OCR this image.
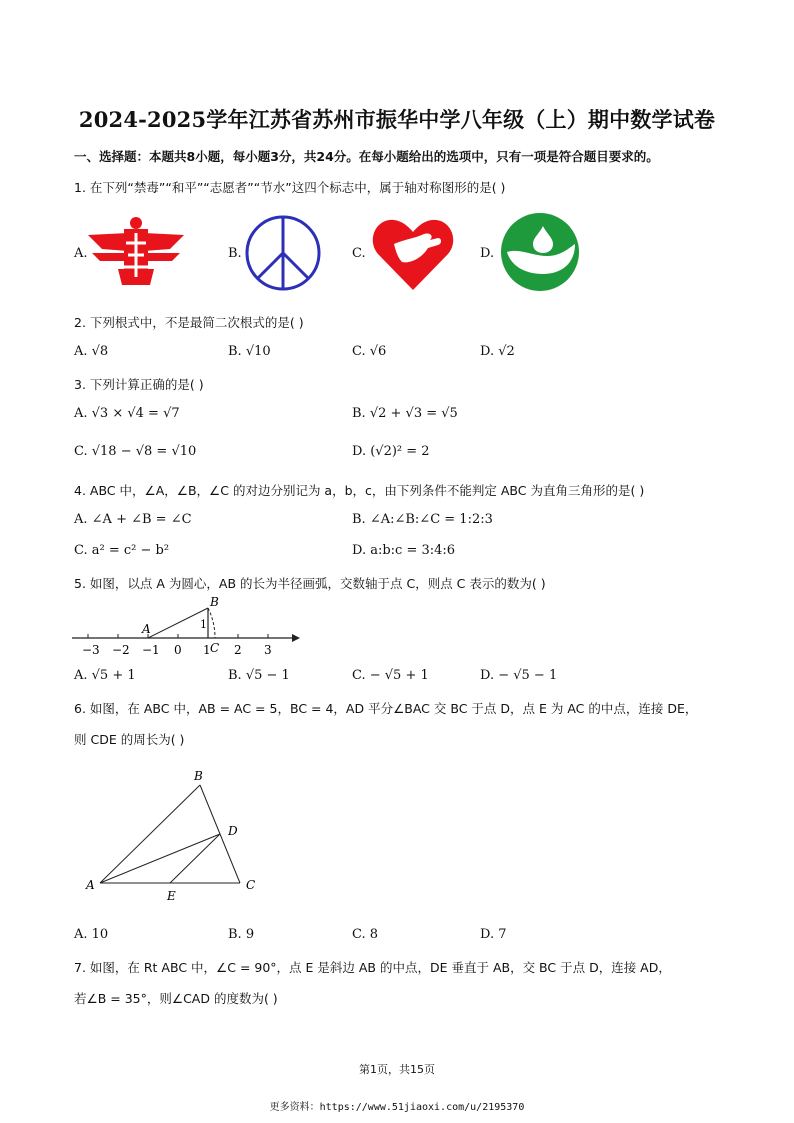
2024-2025学年江苏省苏州市振华中学八年级（上）期中数学试卷
一、选择题：本题共8小题，每小题3分，共24分。在每小题给出的选项中，只有一项是符合题目要求的。
1. 在下列“禁毒”“和平”“志愿者”“节水”这四个标志中，属于轴对称图形的是( )
A.	B.	C.	D.
2. 下列根式中，不是最简二次根式的是( )
A. √8	B. √10	C. √6	D. √2
3. 下列计算正确的是( )
A. √3 × √4 = √7	B. √2 + √3 = √5
C. √18 − √8 = √10	D. (√2)² = 2
4. ABC 中，∠A，∠B，∠C 的对边分别记为 a，b，c，由下列条件不能判定 ABC 为直角三角形的是( )
A. ∠A + ∠B = ∠C	B. ∠A:∠B:∠C = 1:2:3
C. a² = c² − b²	D. a:b:c = 3:4:6
5. 如图，以点 A 为圆心，AB 的长为半径画弧，交数轴于点 C，则点 C 表示的数为( )
−3 −2 −1 0 1 2 3
A
B
C
1
A. √5 + 1	B. √5 − 1	C. − √5 + 1	D. − √5 − 1
6. 如图，在 ABC 中，AB = AC = 5，BC = 4，AD 平分∠BAC 交 BC 于点 D，点 E 为 AC 的中点，连接 DE，
则 CDE 的周长为( )
A
B
C
D
E
A. 10	B. 9	C. 8	D. 7
7. 如图，在 Rt ABC 中，∠C = 90°，点 E 是斜边 AB 的中点，DE 垂直于 AB，交 BC 于点 D，连接 AD，
若∠B = 35°，则∠CAD 的度数为( )
第1页，共15页
更多资料：https://www.51jiaoxi.com/u/2195370
